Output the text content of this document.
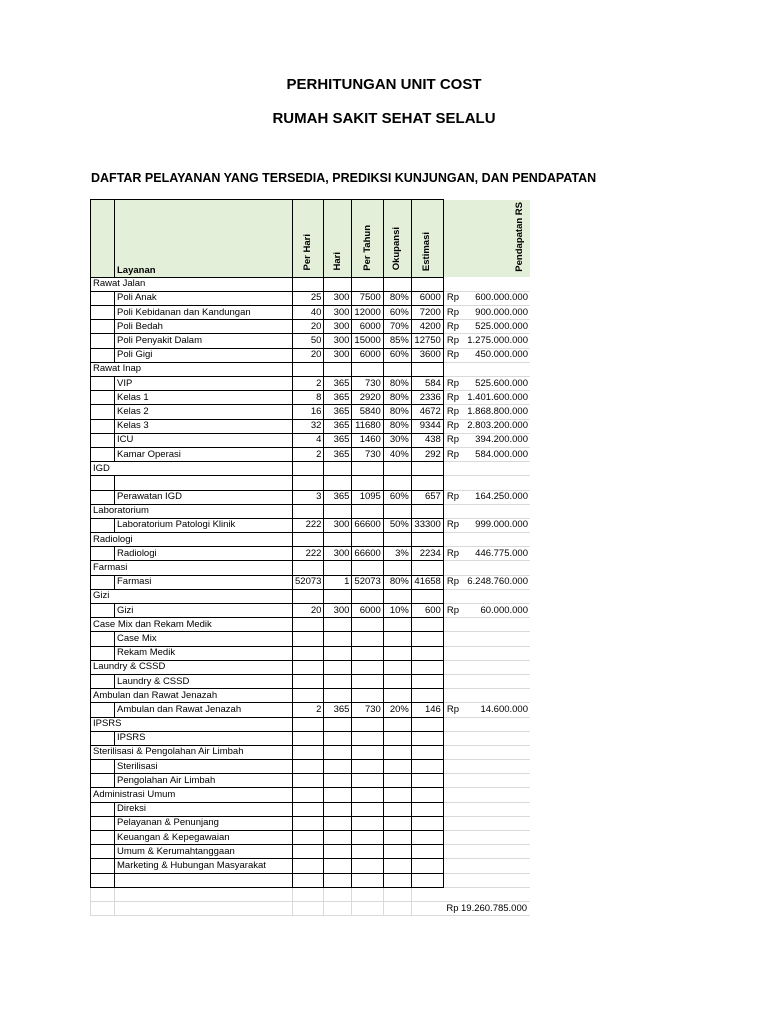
PERHITUNGAN UNIT COST
RUMAH SAKIT SEHAT SELALU
DAFTAR PELAYANAN YANG TERSEDIA, PREDIKSI KUNJUNGAN, DAN PENDAPATAN
	Layanan	Per Hari	Hari	Per Tahun	Okupansi	Estimasi	Pendapatan RS	
Rawat Jalan								
	Poli Anak	25	300	7500	80%	6000	Rp	600.000.000
	Poli Kebidanan dan Kandungan	40	300	12000	60%	7200	Rp	900.000.000
	Poli Bedah	20	300	6000	70%	4200	Rp	525.000.000
	Poli Penyakit Dalam	50	300	15000	85%	12750	Rp	1.275.000.000
	Poli Gigi	20	300	6000	60%	3600	Rp	450.000.000
Rawat Inap								
	VIP	2	365	730	80%	584	Rp	525.600.000
	Kelas 1	8	365	2920	80%	2336	Rp	1.401.600.000
	Kelas 2	16	365	5840	80%	4672	Rp	1.868.800.000
	Kelas 3	32	365	11680	80%	9344	Rp	2.803.200.000
	ICU	4	365	1460	30%	438	Rp	394.200.000
	Kamar Operasi	2	365	730	40%	292	Rp	584.000.000
IGD								

	Perawatan IGD	3	365	1095	60%	657	Rp	164.250.000
Laboratorium								
	Laboratorium Patologi Klinik	222	300	66600	50%	33300	Rp	999.000.000
Radiologi								
	Radiologi	222	300	66600	3%	2234	Rp	446.775.000
Farmasi								
	Farmasi	52073	1	52073	80%	41658	Rp	6.248.760.000
Gizi								
	Gizi	20	300	6000	10%	600	Rp	60.000.000
Case Mix dan Rekam Medik								
	Case Mix							
	Rekam Medik							
Laundry & CSSD								
	Laundry & CSSD							
Ambulan dan Rawat Jenazah								
	Ambulan dan Rawat Jenazah	2	365	730	20%	146	Rp	14.600.000
IPSRS								
	IPSRS							
Sterilisasi & Pengolahan Air Limbah								
	Sterilisasi							
	Pengolahan Air Limbah							
Administrasi Umum								
	Direksi							
	Pelayanan & Penunjang							
	Keuangan & Kepegawaian							
	Umum & Kerumahtanggaan							
	Marketing & Hubungan Masyarakat							

							Rp	19.260.785.000
